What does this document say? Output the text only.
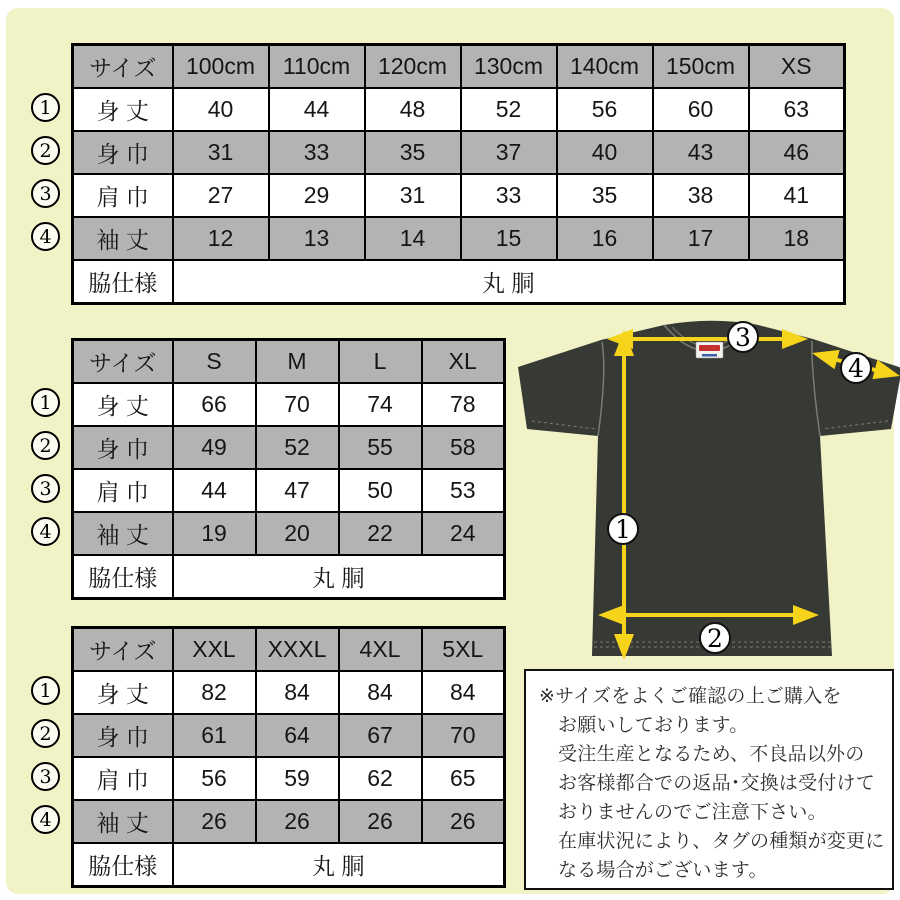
サイズ	100cm	110cm	120cm	130cm	140cm	150cm	XS
身 丈	40	44	48	52	56	60	63
身 巾	31	33	35	37	40	43	46
肩 巾	27	29	31	33	35	38	41
袖 丈	12	13	14	15	16	17	18
脇仕様	丸 胴						
1
2
3
4
サイズ	S	M	L	XL
身 丈	66	70	74	78
身 巾	49	52	55	58
肩 巾	44	47	50	53
袖 丈	19	20	22	24
脇仕様	丸 胴			
1
2
3
4
サイズ	XXL	XXXL	4XL	5XL
身 丈	82	84	84	84
身 巾	61	64	67	70
肩 巾	56	59	62	65
袖 丈	26	26	26	26
脇仕様	丸 胴			
1
2
3
4
1
2
3
4
※サイズをよくご確認の上ご購入を
お願いしております。
受注生産となるため、不良品以外の
お客様都合での返品･交換は受付けて
おりませんのでご注意下さい。
在庫状況により、タグの種類が変更に
なる場合がございます。
